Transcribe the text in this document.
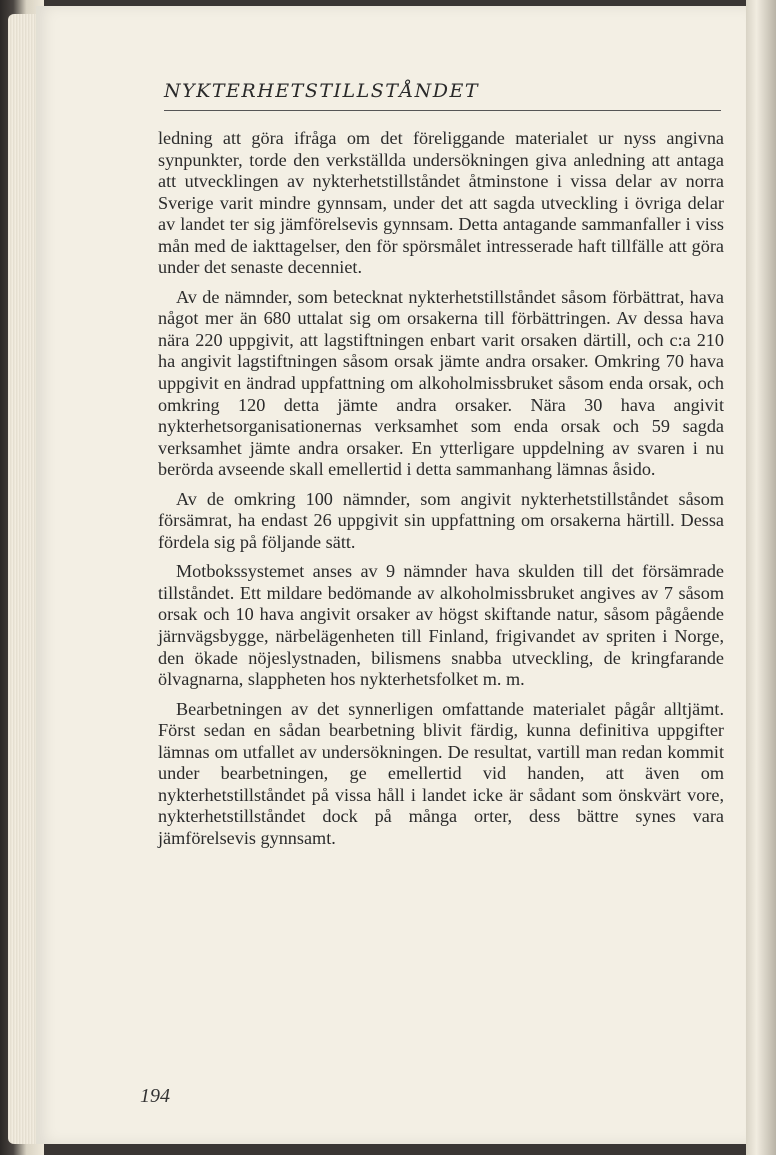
NYKTERHETSTILLSTÅNDET

ledning att göra ifråga om det föreliggande materialet ur nyss angivna synpunkter, torde den verkställda undersökningen giva anledning att antaga att utvecklingen av nykterhetstillståndet åtminstone i vissa delar av norra Sverige varit mindre gynnsam, under det att sagda utveckling i övriga delar av landet ter sig jämförelsevis gynnsam. Detta antagande sammanfaller i viss mån med de iakttagelser, den för spörsmålet intresserade haft tillfälle att göra under det senaste decenniet.

Av de nämnder, som betecknat nykterhetstillståndet såsom förbättrat, hava något mer än 680 uttalat sig om orsakerna till förbättringen. Av dessa hava nära 220 uppgivit, att lagstiftningen enbart varit orsaken därtill, och c:a 210 ha angivit lagstiftningen såsom orsak jämte andra orsaker. Omkring 70 hava uppgivit en ändrad uppfattning om alkoholmissbruket såsom enda orsak, och omkring 120 detta jämte andra orsaker. Nära 30 hava angivit nykterhetsorganisationernas verksamhet som enda orsak och 59 sagda verksamhet jämte andra orsaker. En ytterligare uppdelning av svaren i nu berörda avseende skall emellertid i detta sammanhang lämnas åsido.

Av de omkring 100 nämnder, som angivit nykterhetstillståndet såsom försämrat, ha endast 26 uppgivit sin uppfattning om orsakerna härtill. Dessa fördela sig på följande sätt.

Motbokssystemet anses av 9 nämnder hava skulden till det försämrade tillståndet. Ett mildare bedömande av alkoholmissbruket angives av 7 såsom orsak och 10 hava angivit orsaker av högst skiftande natur, såsom pågående järnvägsbygge, närbelägenheten till Finland, frigivandet av spriten i Norge, den ökade nöjeslystnaden, bilismens snabba utveckling, de kringfarande ölvagnarna, slappheten hos nykterhetsfolket m. m.

Bearbetningen av det synnerligen omfattande materialet pågår alltjämt. Först sedan en sådan bearbetning blivit färdig, kunna definitiva uppgifter lämnas om utfallet av undersökningen. De resultat, vartill man redan kommit under bearbetningen, ge emellertid vid handen, att även om nykterhetstillståndet på vissa håll i landet icke är sådant som önskvärt vore, nykterhetstillståndet dock på många orter, dess bättre synes vara jämförelsevis gynnsamt.

194
